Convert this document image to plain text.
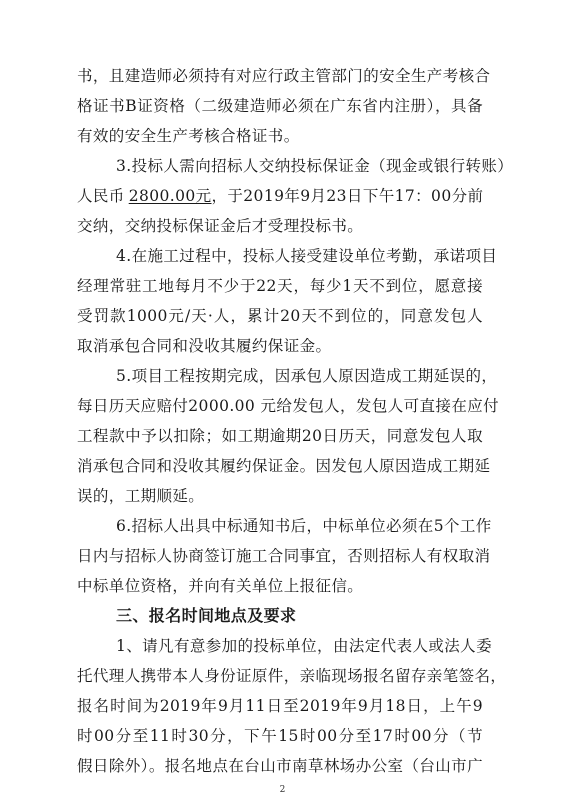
书，且建造师必须持有对应行政主管部门的安全生产考核合
格证书B证资格（二级建造师必须在广东省内注册），具备
有效的安全生产考核合格证书。
3.投标人需向招标人交纳投标保证金（现金或银行转账）
人民币 2800.00元 ，于2019年9月23日下午17：00分前
交纳，交纳投标保证金后才受理投标书。
4.在施工过程中，投标人接受建设单位考勤，承诺项目
经理常驻工地每月不少于22天，每少1天不到位，愿意接
受罚款1000元/天·人，累计20天不到位的，同意发包人
取消承包合同和没收其履约保证金。
5.项目工程按期完成，因承包人原因造成工期延误的，
每日历天应赔付2000.00 元给发包人，发包人可直接在应付
工程款中予以扣除；如工期逾期20日历天，同意发包人取
消承包合同和没收其履约保证金。因发包人原因造成工期延
误的，工期顺延。
6.招标人出具中标通知书后，中标单位必须在5个工作
日内与招标人协商签订施工合同事宜，否则招标人有权取消
中标单位资格，并向有关单位上报征信。
2
三、报名时间地点及要求
1、请凡有意参加的投标单位，由法定代表人或法人委
托代理人携带本人身份证原件，亲临现场报名留存亲笔签名，
报名时间为2019年9月11日至2019年9月18日，上午9
时00分至11时30分，下午15时00分至17时00分（节
假日除外）。报名地点在台山市南草林场办公室（台山市广
